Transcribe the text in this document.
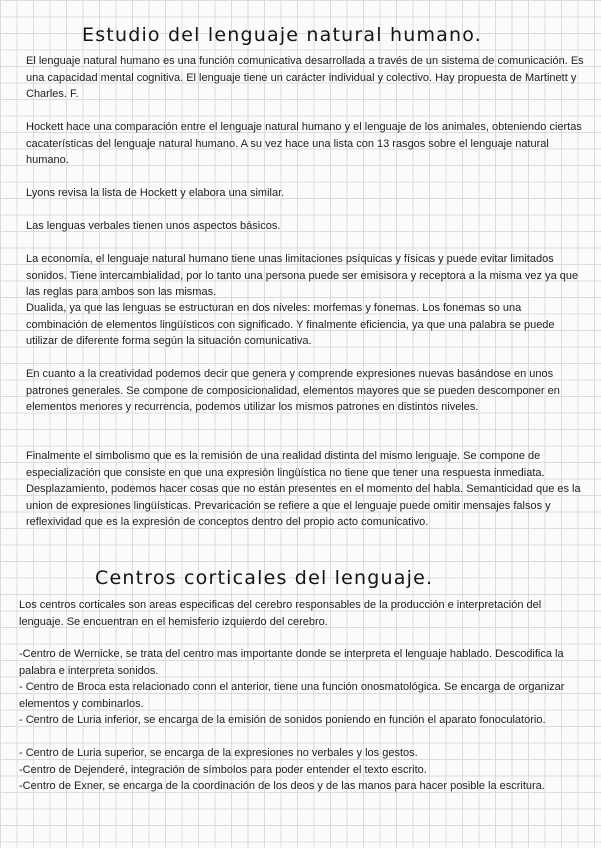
Estudio del lenguaje natural humano.

El lenguaje natural humano es una función comunicativa desarrollada a través de un sistema de comunicación. Es una capacidad mental cognitiva. El lenguaje tiene un carácter individual y colectivo. Hay propuesta de Martinett y Charles. F.

Hockett hace una comparación entre el lenguaje natural humano y el lenguaje de los animales, obteniendo ciertas cacaterísticas del lenguaje natural humano. A su vez hace una lista con 13 rasgos sobre el lenguaje natural humano.

Lyons revisa la lista de Hockett y elabora una similar.

Las lenguas verbales tienen unos aspectos básicos.

La economía, el lenguaje natural humano tiene unas limitaciones psíquicas y físicas y puede evitar limitados sonidos. Tiene intercambialidad, por lo tanto una persona puede ser emisisora y receptora a la misma vez ya que las reglas para ambos son las mismas.

Dualida, ya que las lenguas se estructuran en dos niveles: morfemas y fonemas. Los fonemas so una combinación de elementos lingüísticos con significado. Y finalmente eficiencia, ya que una palabra se puede utilizar de diferente forma según la situación comunicativa.

En cuanto a la creatividad podemos decir que genera y comprende expresiones nuevas basándose en unos patrones generales. Se compone de composicionalidad, elementos mayores que se pueden descomponer en elementos menores y recurrencia, podemos utilizar los mismos patrones en distintos niveles.

Finalmente el simbolismo que es la remisión de una realidad distinta del mismo lenguaje. Se compone de especialización que consiste en que una expresión lingüística no tiene que tener una respuesta inmediata. Desplazamiento, podemos hacer cosas que no están presentes en el momento del habla. Semanticidad que es la union de expresiones lingüísticas. Prevaricación se refiere a que el lenguaje puede omitir mensajes falsos y reflexividad que es la expresión de conceptos dentro del propio acto comunicativo.

Centros corticales del lenguaje.

Los centros corticales son areas especificas del cerebro responsables de la producción e interpretación del lenguaje. Se encuentran en el hemisferio izquierdo del cerebro.

-Centro de Wernicke, se trata del centro mas importante donde se interpreta el lenguaje hablado. Descodifica la palabra e interpreta sonidos.

- Centro de Broca esta relacionado conn el anterior, tiene una función onosmatológica. Se encarga de organizar elementos y combinarlos.

- Centro de Luria inferior, se encarga de la emisión de sonidos poniendo en función el aparato fonoculatorio.

- Centro de Luria superior, se encarga de la expresiones no verbales y los gestos.

-Centro de Dejenderé, integración de símbolos para poder entender el texto escrito.

-Centro de Exner, se encarga de la coordinación de los deos y de las manos para hacer posible la escritura.
